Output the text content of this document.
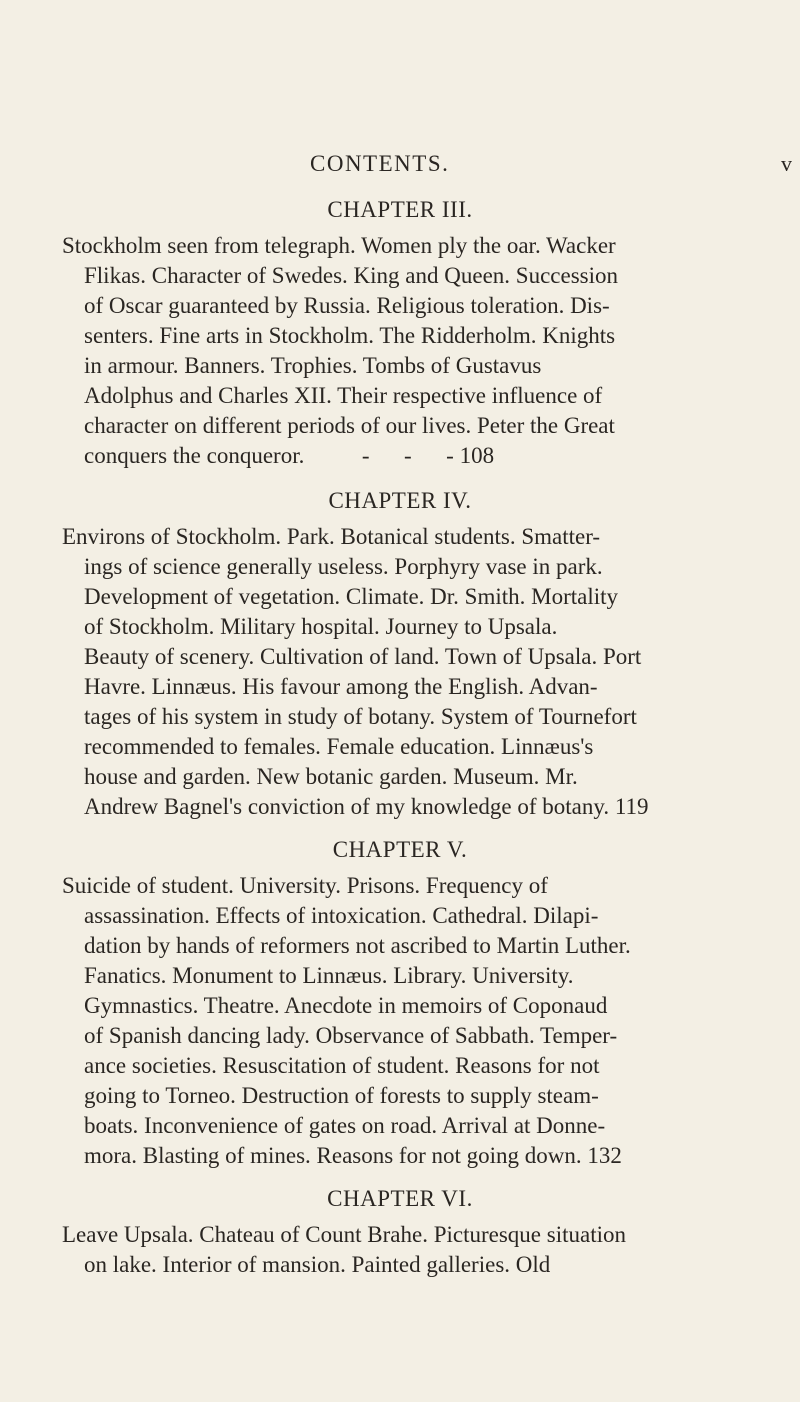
CONTENTS.	v
CHAPTER III.
Stockholm seen from telegraph. Women ply the oar. Wacker
Flikas. Character of Swedes. King and Queen. Succession
of Oscar guaranteed by Russia. Religious toleration. Dis-
senters. Fine arts in Stockholm. The Ridderholm. Knights
in armour. Banners. Trophies. Tombs of Gustavus
Adolphus and Charles XII. Their respective influence of
character on different periods of our lives. Peter the Great
conquers the conqueror.          -      -      - 108
CHAPTER IV.
Environs of Stockholm. Park. Botanical students. Smatter-
ings of science generally useless. Porphyry vase in park.
Development of vegetation. Climate. Dr. Smith. Mortality
of Stockholm. Military hospital. Journey to Upsala.
Beauty of scenery. Cultivation of land. Town of Upsala. Port
Havre. Linnæus. His favour among the English. Advan-
tages of his system in study of botany. System of Tournefort
recommended to females. Female education. Linnæus's
house and garden. New botanic garden. Museum. Mr.
Andrew Bagnel's conviction of my knowledge of botany. 119
CHAPTER V.
Suicide of student. University. Prisons. Frequency of
assassination. Effects of intoxication. Cathedral. Dilapi-
dation by hands of reformers not ascribed to Martin Luther.
Fanatics. Monument to Linnæus. Library. University.
Gymnastics. Theatre. Anecdote in memoirs of Coponaud
of Spanish dancing lady. Observance of Sabbath. Temper-
ance societies. Resuscitation of student. Reasons for not
going to Torneo. Destruction of forests to supply steam-
boats. Inconvenience of gates on road. Arrival at Donne-
mora. Blasting of mines. Reasons for not going down. 132
CHAPTER VI.
Leave Upsala. Chateau of Count Brahe. Picturesque situation
on lake. Interior of mansion. Painted galleries. Old
